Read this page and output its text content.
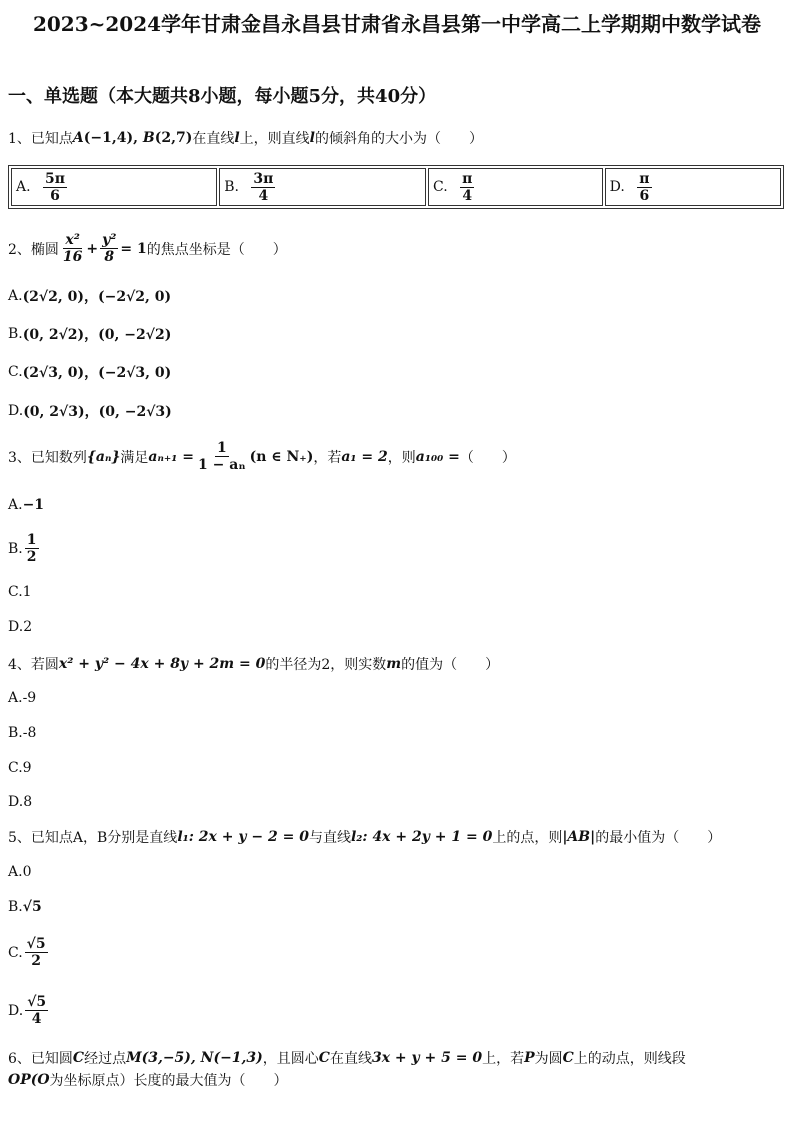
2023~2024学年甘肃金昌永昌县甘肃省永昌县第一中学高二上学期期中数学试卷
一、单选题（本大题共8小题，每小题5分，共40分）
1、已知点 A (−1,4) , B (2,7) 在直线 l 上，则直线 l 的倾斜角的大小为（　　）
A. $\frac{5\pi}{6}$	B. $\frac{3\pi}{4}$	C. $\frac{\pi}{4}$	D. $\frac{\pi}{6}$
2、椭圆 $\frac{\text{x²}}{16} + \frac{\text{y²}}{8} = 1$ 的焦点坐标是（　　）
A. (2√2, 0)，(−2√2, 0)
B. (0, 2√2)，(0, −2√2)
C. (2√3, 0)，(−2√3, 0)
D. (0, 2√3)，(0, −2√3)
3、已知数列 {aₙ} 满足 $a_{n+1} = \frac{1}{\text{1 − aₙ}} (n$ ∈ N₊) ，若 a₁ = 2 ，则 a₁₀₀ = （　　）
A. −1
B. $\frac{1}{2}$
C. 1
D. 2
4、若圆 x² + y² − 4x + 8y + 2m = 0 的半径为2，则实数 m 的值为（　　）
A. -9
B. -8
C. 9
D. 8
5、已知点A，B分别是直线 l₁: 2x + y − 2 = 0 与直线 l₂: 4x + 2y + 1 = 0 上的点，则 |AB| 的最小值为（　　）
A. 0
B. √5
C. $\frac{√5}{2}$
D. $\frac{√5}{4}$
6、已知圆 C 经过点 M(3,−5), N(−1,3) ，且圆心 C 在直线 3x + y + 5 = 0 上，若 P 为圆 C 上的动点，则线段
OP(O 为坐标原点）长度的最大值为（　　）
